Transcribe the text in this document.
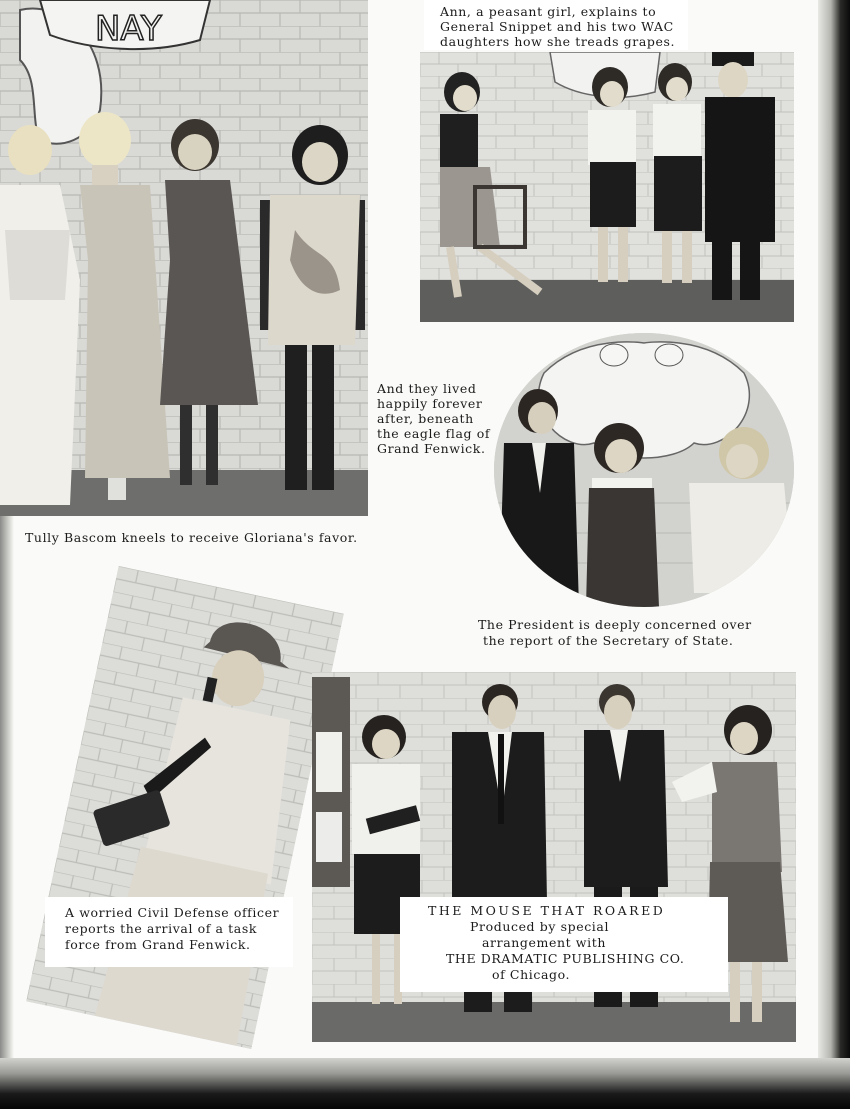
NAY

Tully Bascom kneels to receive Gloriana's favor.

Ann, a peasant girl, explains to

General Snippet and his two WAC

daughters how she treads grapes.

And they lived

happily forever

after, beneath

the eagle flag of

Grand Fenwick.

The President is deeply concerned over

the report of the Secretary of State.

A worried Civil Defense officer

reports the arrival of a task

force from Grand Fenwick.

THE MOUSE THAT ROARED

Produced by special

arrangement with

THE DRAMATIC PUBLISHING CO.

of Chicago.
